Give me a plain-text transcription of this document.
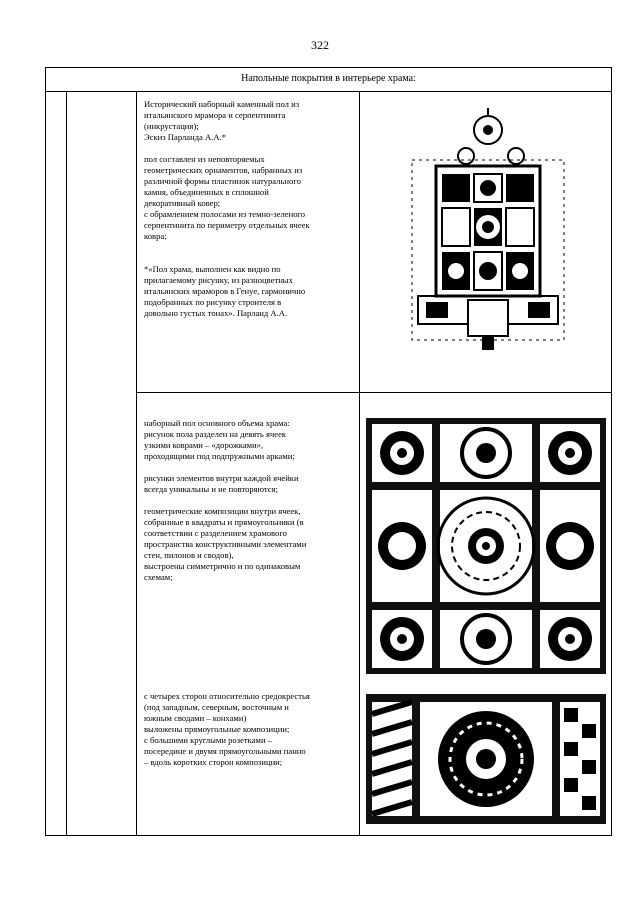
322
Напольные покрытия в интерьере храма:
Исторический наборный каменный пол из
итальянского мрамора и серпентинита
(инкрустация);
Эскиз Парланда А.А.*

пол составлен из неповторяемых
геометрических орнаментов, набранных из
различной формы пластинок натурального
камня, объединенных в сплошной
декоративный ковер;
с обрамлением полосами из темно-зеленого
серпентинита по периметру отдельных ячеек
ковра;

*«Пол храма, выполнен как видно по
прилагаемому рисунку, из разноцветных
итальянских мраморов в Генуе, гармонично
подобранных по рисунку строителя в
довольно густых тонах». Парланд А.А.
наборный пол основного объема храма:
рисунок пола разделен на девять ячеек
узкими коврами – «дорожками»,
проходящими под подпружными арками;

рисунки элементов внутри каждой ячейки
всегда уникальны и не повторяются;

геометрические композиции внутри ячеек,
собранные в квадраты и прямоугольники (в
соответствии с разделением храмового
пространства конструктивными элементами
стен, пилонов и сводов),
выстроены симметрично и по одинаковым
схемам;
с четырех сторон относительно средокрестья
(под западным, северным, восточным и
южным сводами – конхами)
выложены прямоугольные композиции;
с большими круглыми розетками –
посередине и двумя прямоугольными панно
– вдоль коротких сторон композиции;
